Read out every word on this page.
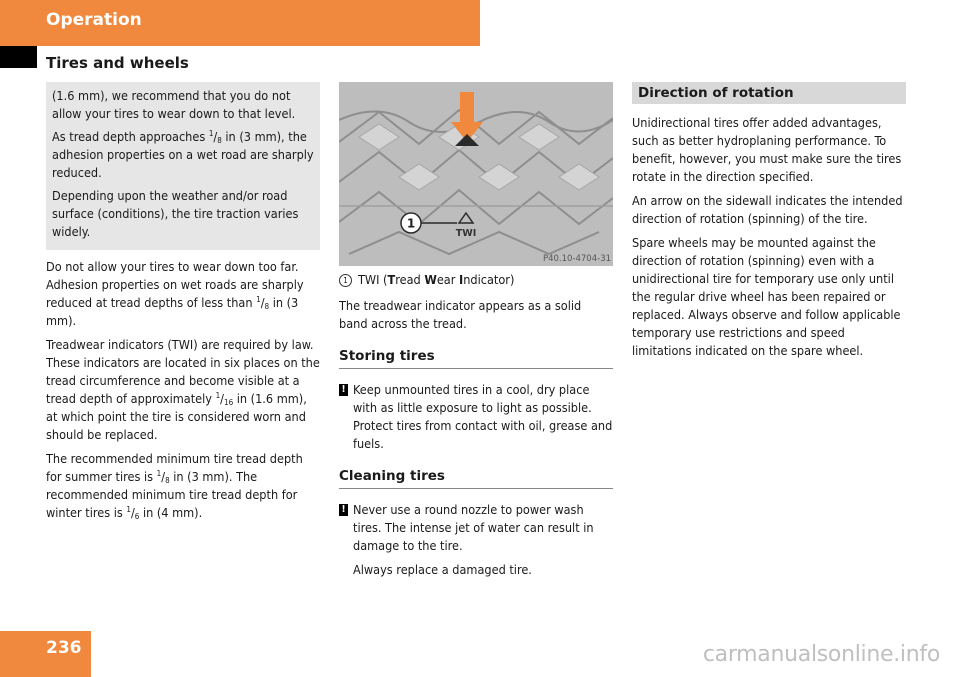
Operation
Tires and wheels

(1.6 mm), we recommend that you do not allow your tires to wear down to that level.

As tread depth approaches $^1/_8$ in (3 mm), the adhesion properties on a wet road are sharply reduced.

Depending upon the weather and/or road surface (conditions), the tire traction varies widely.

Do not allow your tires to wear down too far. Adhesion properties on wet roads are sharply reduced at tread depths of less than $^1/_8$ in (3 mm).

Treadwear indicators (TWI) are required by law. These indicators are located in six places on the tread circumference and become visible at a tread depth of approximately $^1/_{16}$ in (1.6 mm), at which point the tire is considered worn and should be replaced.

The recommended minimum tire tread depth for summer tires is $^1/_8$ in (3 mm). The recommended minimum tire tread depth for winter tires is $^1/_6$ in (4 mm).

1
TWI
P40.10-4704-31
1 TWI (Tread Wear Indicator)

The treadwear indicator appears as a solid band across the tread.

Storing tires
! Keep unmounted tires in a cool, dry place with as little exposure to light as possible. Protect tires from contact with oil, grease and fuels.
Cleaning tires
! Never use a round nozzle to power wash tires. The intense jet of water can result in damage to the tire.

Always replace a damaged tire.

Direction of rotation

Unidirectional tires offer added advantages, such as better hydroplaning performance. To benefit, however, you must make sure the tires rotate in the direction specified.

An arrow on the sidewall indicates the intended direction of rotation (spinning) of the tire.

Spare wheels may be mounted against the direction of rotation (spinning) even with a unidirectional tire for temporary use only until the regular drive wheel has been repaired or replaced. Always observe and follow applicable temporary use restrictions and speed limitations indicated on the spare wheel.

236	carmanualsonline.info
